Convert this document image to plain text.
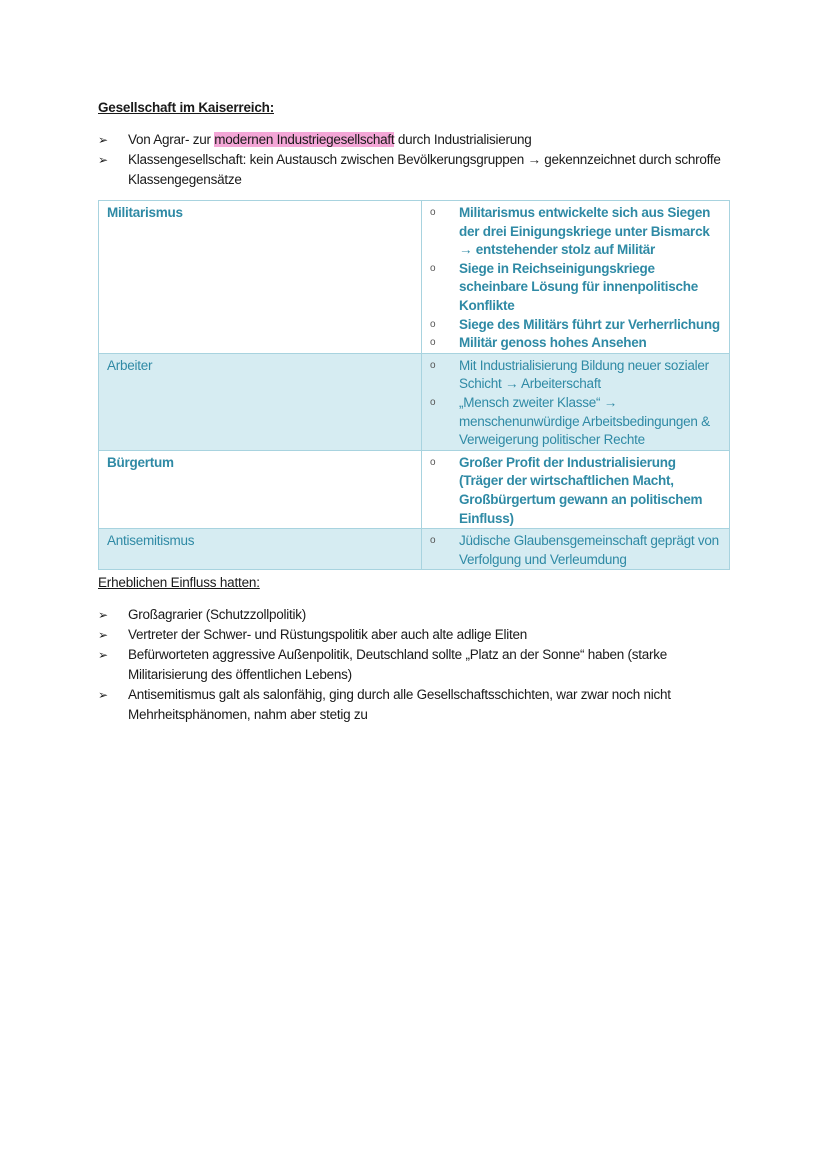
Gesellschaft im Kaiserreich:
➢	Von Agrar- zur modernen Industriegesellschaft durch Industrialisierung
➢	Klassengesellschaft: kein Austausch zwischen Bevölkerungsgruppen → gekennzeichnet durch schroffe Klassengegensätze
Militarismus	o Militarismus entwickelte sich aus Siegen der drei Einigungskriege unter Bismarck → entstehender stolz auf Militär
o Siege in Reichseinigungskriege scheinbare Lösung für innenpolitische Konflikte
o Siege des Militärs führt zur Verherrlichung
o Militär genoss hohes Ansehen

Arbeiter	o Mit Industrialisierung Bildung neuer sozialer Schicht → Arbeiterschaft
o „Mensch zweiter Klasse“ → menschenunwürdige Arbeitsbedingungen & Verweigerung politischer Rechte

Bürgertum	o Großer Profit der Industrialisierung (Träger der wirtschaftlichen Macht, Großbürgertum gewann an politischem Einfluss)

Antisemitismus	o Jüdische Glaubensgemeinschaft geprägt von Verfolgung und Verleumdung
Erheblichen Einfluss hatten:
➢	Großagrarier (Schutzzollpolitik)
➢	Vertreter der Schwer- und Rüstungspolitik aber auch alte adlige Eliten
➢	Befürworteten aggressive Außenpolitik, Deutschland sollte „Platz an der Sonne“ haben (starke Militarisierung des öffentlichen Lebens)
➢	Antisemitismus galt als salonfähig, ging durch alle Gesellschaftsschichten, war zwar noch nicht Mehrheitsphänomen, nahm aber stetig zu
